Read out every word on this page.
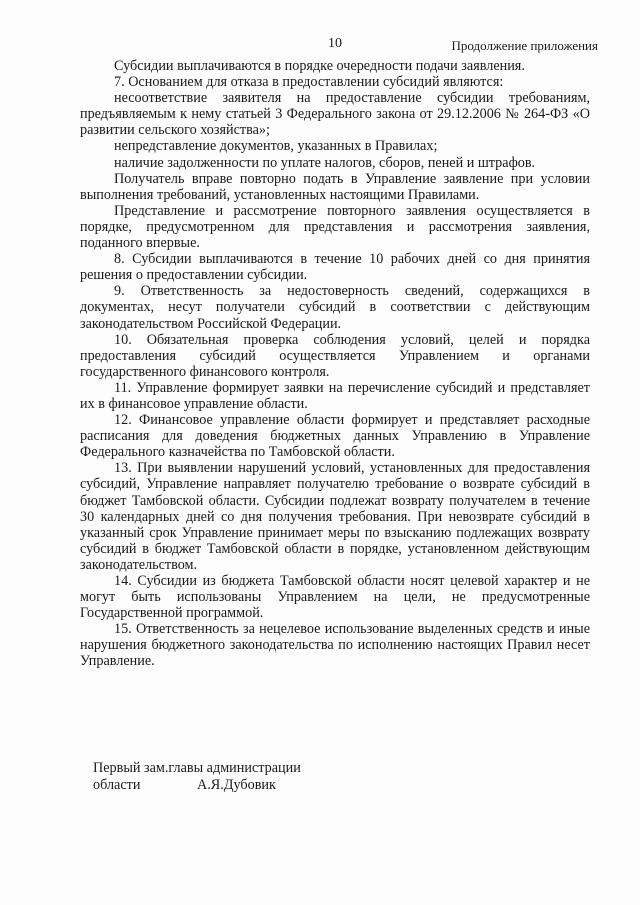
10	Продолжение приложения

Субсидии выплачиваются в порядке очередности подачи заявления.

7. Основанием для отказа в предоставлении субсидий являются:

несоответствие заявителя на предоставление субсидии требованиям, предъявляемым к нему статьей 3 Федерального закона от 29.12.2006 № 264-ФЗ «О развитии сельского хозяйства»;

непредставление документов, указанных в Правилах;

наличие задолженности по уплате налогов, сборов, пеней и штрафов.

Получатель вправе повторно подать в Управление заявление при условии выполнения требований, установленных настоящими Правилами.

Представление и рассмотрение повторного заявления осуществляется в порядке, предусмотренном для представления и рассмотрения заявления, поданного впервые.

8. Субсидии выплачиваются в течение 10 рабочих дней со дня принятия решения о предоставлении субсидии.

9. Ответственность за недостоверность сведений, содержащихся в документах, несут получатели субсидий в соответствии с действующим законодательством Российской Федерации.

10. Обязательная проверка соблюдения условий, целей и порядка предоставления субсидий осуществляется Управлением и органами государственного финансового контроля.

11. Управление формирует заявки на перечисление субсидий и представляет их в финансовое управление области.

12. Финансовое управление области формирует и представляет расходные расписания для доведения бюджетных данных Управлению в Управление Федерального казначейства по Тамбовской области.

13. При выявлении нарушений условий, установленных для предоставления субсидий, Управление направляет получателю требование о возврате субсидий в бюджет Тамбовской области. Субсидии подлежат возврату получателем в течение 30 календарных дней со дня получения требования. При невозврате субсидий в указанный срок Управление принимает меры по взысканию подлежащих возврату субсидий в бюджет Тамбовской области в порядке, установленном действующим законодательством.

14. Субсидии из бюджета Тамбовской области носят целевой характер и не могут быть использованы Управлением на цели, не предусмотренные Государственной программой.

15. Ответственность за нецелевое использование выделенных средств и иные нарушения бюджетного законодательства по исполнению настоящих Правил несет Управление.

Первый зам.главы администрации
области	А.Я.Дубовик
